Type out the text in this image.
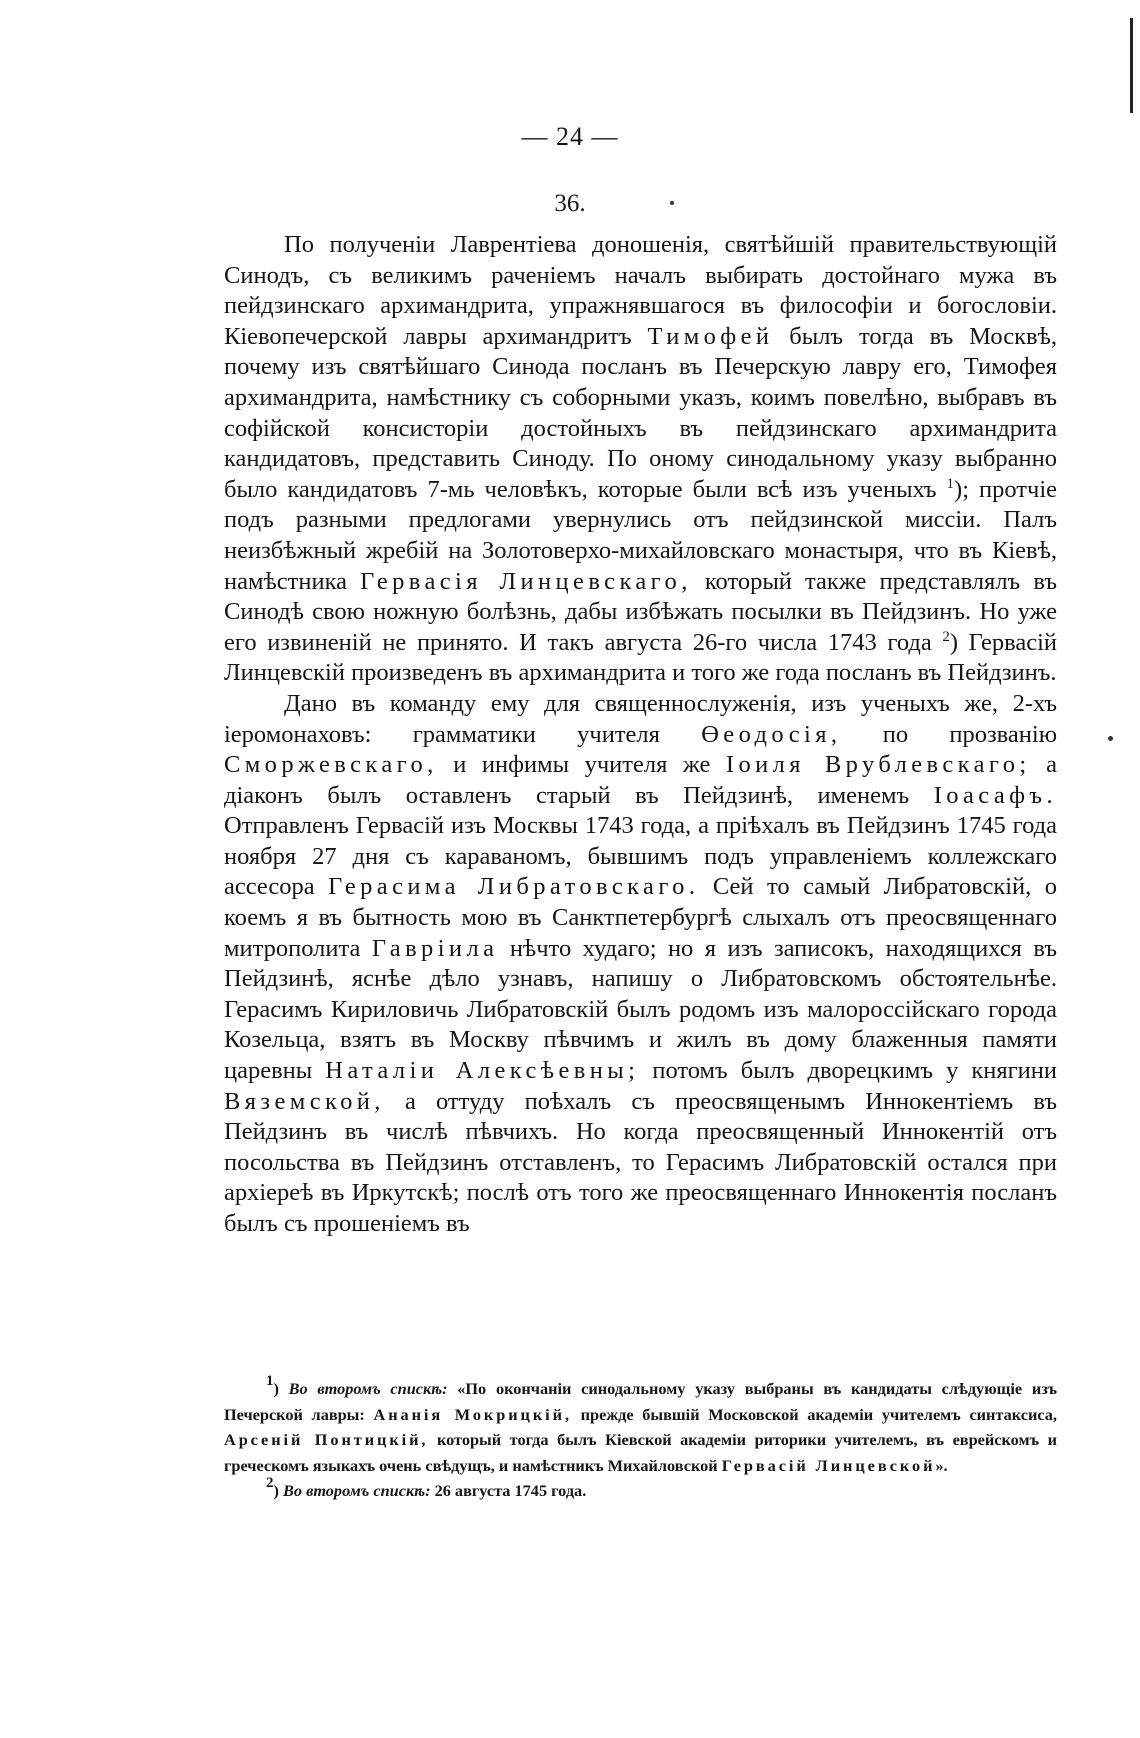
— 24 —
36.

По полученіи Лаврентіева доношенія, святѣйшій правительствующій Синодъ, съ великимъ раченіемъ началъ выбирать достойнаго мужа въ пейдзинскаго архимандрита, упражнявшагося въ философіи и богословіи. Кіевопечерской лавры архимандритъ Тимофей былъ тогда въ Москвѣ, почему изъ святѣйшаго Синода посланъ въ Печерскую лавру его, Тимофея архимандрита, намѣстнику съ соборными указъ, коимъ повелѣно, выбравъ въ софійской консисторіи достойныхъ въ пейдзинскаго архимандрита кандидатовъ, представить Синоду. По оному синодальному указу выбранно было кандидатовъ 7-мь человѣкъ, которые были всѣ изъ ученыхъ $^1$); протчіе подъ разными предлогами увернулись отъ пейдзинской миссіи. Палъ неизбѣжный жребій на Золотоверхо-михайловскаго монастыря, что въ Кіевѣ, намѣстника Гервасія Линцевскаго, который также представлялъ въ Синодѣ свою ножную болѣзнь, дабы избѣжать посылки въ Пейдзинъ. Но уже его извиненій не принято. И такъ августа 26-го числа 1743 года $^2$) Гервасій Линцевскій произведенъ въ архимандрита и того же года посланъ въ Пейдзинъ.

Дано въ команду ему для священнослуженія, изъ ученыхъ же, 2-хъ іеромонаховъ: грамматики учителя Өеодосія, по прозванію Сморжевскаго, и инфимы учителя же Іоиля Врублевскаго; а діаконъ былъ оставленъ старый въ Пейдзинѣ, именемъ Іоасафъ. Отправленъ Гервасій изъ Москвы 1743 года, а пріѣхалъ въ Пейдзинъ 1745 года ноября 27 дня съ караваномъ, бывшимъ подъ управленіемъ коллежскаго ассесора Герасима Либратовскаго. Сей то самый Либратовскій, о коемъ я въ бытность мою въ Санктпетербургѣ слыхалъ отъ преосвященнаго митрополита Гавріила нѣчто худаго; но я изъ записокъ, находящихся въ Пейдзинѣ, яснѣе дѣло узнавъ, напишу о Либратовскомъ обстоятельнѣе. Герасимъ Кириловичь Либратовскій былъ родомъ изъ малороссійскаго города Козельца, взятъ въ Москву пѣвчимъ и жилъ въ дому блаженныя памяти царевны Наталіи Алексѣевны; потомъ былъ дворецкимъ у княгини Вяземской, а оттуду поѣхалъ съ преосвященымъ Иннокентіемъ въ Пейдзинъ въ числѣ пѣвчихъ. Но когда преосвященный Иннокентій отъ посольства въ Пейдзинъ отставленъ, то Герасимъ Либратовскій остался при архіереѣ въ Иркутскѣ; послѣ отъ того же преосвященнаго Иннокентія посланъ былъ съ прошеніемъ въ

1) Во второмъ спискѣ: «По окончаніи синодальному указу выбраны въ кандидаты слѣдующіе изъ Печерской лавры: Ананія Мокрицкій, прежде бывшій Московской академіи учителемъ синтаксиса, Арсеній Понтицкій, который тогда былъ Кіевской академіи риторики учителемъ, въ еврейскомъ и греческомъ языкахъ очень свѣдущъ, и намѣстникъ Михайловской Гервасій Линцевской».

2) Во второмъ спискѣ: 26 августа 1745 года.
